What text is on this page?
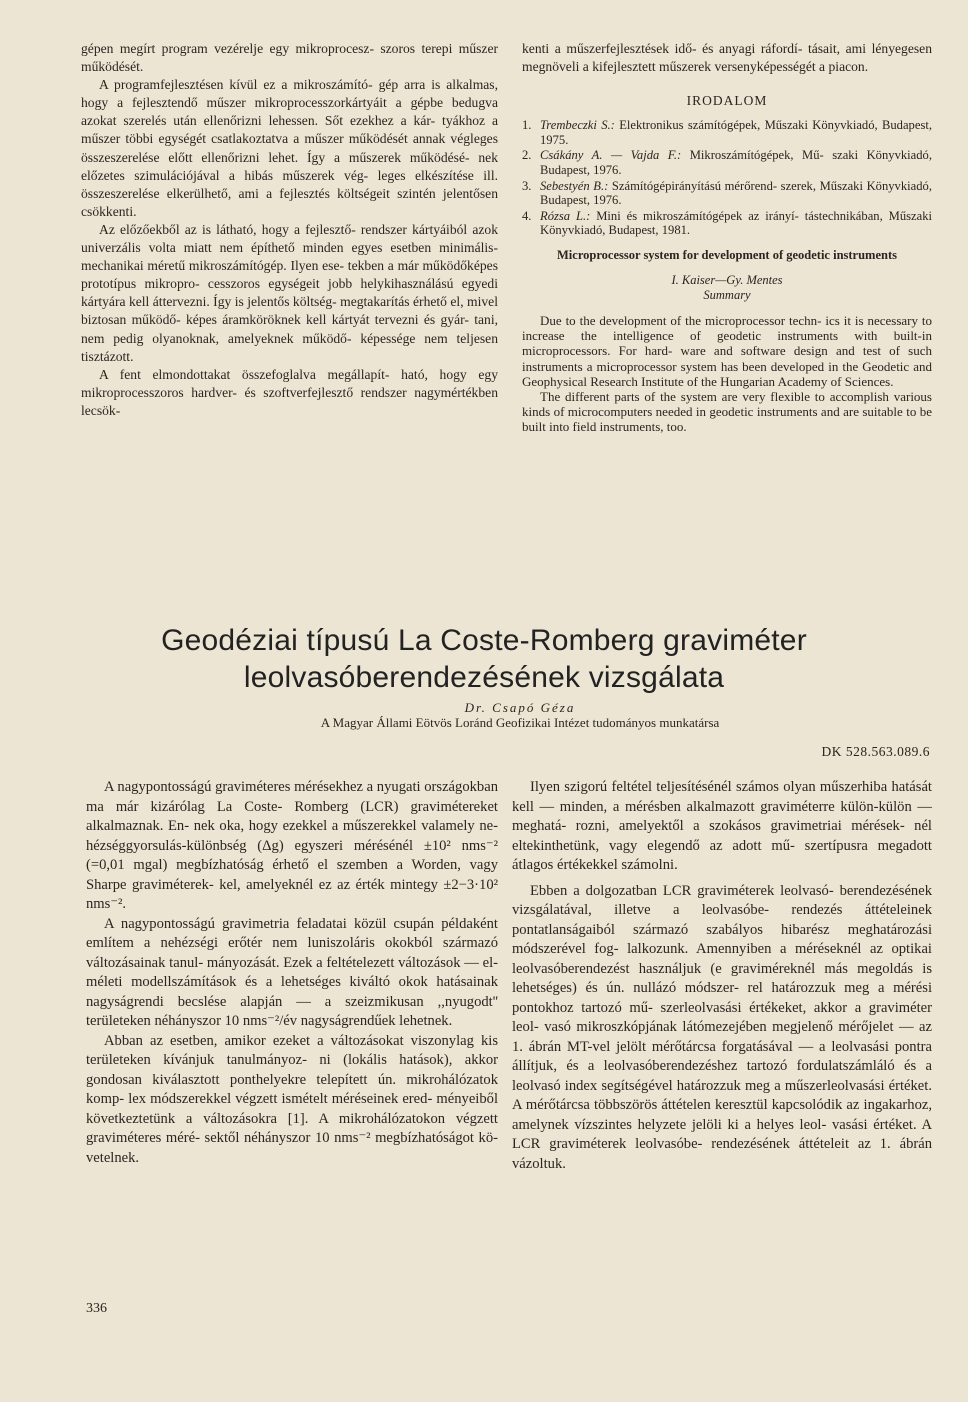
gépen megírt program vezérelje egy mikroprocesz- szoros terepi műszer működését.

A programfejlesztésen kívül ez a mikroszámító- gép arra is alkalmas, hogy a fejlesztendő műszer mikroprocesszorkártyáit a gépbe bedugva azokat szerelés után ellenőrizni lehessen. Sőt ezekhez a kár- tyákhoz a műszer többi egységét csatlakoztatva a műszer működését annak végleges összeszerelése előtt ellenőrizni lehet. Így a műszerek működésé- nek előzetes szimulációjával a hibás műszerek vég- leges elkészítése ill. összeszerelése elkerülhető, ami a fejlesztés költségeit szintén jelentősen csökkenti.

Az előzőekből az is látható, hogy a fejlesztő- rendszer kártyáiból azok univerzális volta miatt nem építhető minden egyes esetben minimális- mechanikai méretű mikroszámítógép. Ilyen ese- tekben a már működőképes prototípus mikropro- cesszoros egységeit jobb helykihasználású egyedi kártyára kell áttervezni. Így is jelentős költség- megtakarítás érhető el, mivel biztosan működő- képes áramköröknek kell kártyát tervezni és gyár- tani, nem pedig olyanoknak, amelyeknek működő- képessége nem teljesen tisztázott.

A fent elmondottakat összefoglalva megállapít- ható, hogy egy mikroprocesszoros hardver- és szoftverfejlesztő rendszer nagymértékben lecsök-

kenti a műszerfejlesztések idő- és anyagi ráfordí- tásait, ami lényegesen megnöveli a kifejlesztett műszerek versenyképességét a piacon.

IRODALOM
1. Trembeczki S.: Elektronikus számítógépek, Műszaki Könyvkiadó, Budapest, 1975.
2. Csákány A. — Vajda F.: Mikroszámítógépek, Mű- szaki Könyvkiadó, Budapest, 1976.
3. Sebestyén B.: Számítógépirányítású mérőrend- szerek, Műszaki Könyvkiadó, Budapest, 1976.
4. Rózsa L.: Mini és mikroszámítógépek az irányí- tástechnikában, Műszaki Könyvkiadó, Budapest, 1981.
Microprocessor system for development of geodetic instruments
I. Kaiser—Gy. Mentes
Summary

Due to the development of the microprocessor techn- ics it is necessary to increase the intelligence of geodetic instruments with built-in microprocessors. For hard- ware and software design and test of such instruments a microprocessor system has been developed in the Geodetic and Geophysical Research Institute of the Hungarian Academy of Sciences.

The different parts of the system are very flexible to accomplish various kinds of microcomputers needed in geodetic instruments and are suitable to be built into field instruments, too.

Geodéziai típusú La Coste-Romberg graviméter
leolvasóberendezésének vizsgálata
Dr. Csapó Géza
A Magyar Állami Eötvös Loránd Geofizikai Intézet tudományos munkatársa
DK 528.563.089.6

A nagypontosságú graviméteres mérésekhez a nyugati országokban ma már kizárólag La Coste- Romberg (LCR) gravimétereket alkalmaznak. En- nek oka, hogy ezekkel a műszerekkel valamely ne- hézséggyorsulás-különbség (Δg) egyszeri mérésénél ±10² nms⁻² (=0,01 mgal) megbízhatóság érhető el szemben a Worden, vagy Sharpe graviméterek- kel, amelyeknél ez az érték mintegy ±2−3·10² nms⁻².

A nagypontosságú gravimetria feladatai közül csupán példaként említem a nehézségi erőtér nem luniszoláris okokból származó változásainak tanul- mányozását. Ezek a feltételezett változások — el- méleti modellszámítások és a lehetséges kiváltó okok hatásainak nagyságrendi becslése alapján — a szeizmikusan ,,nyugodt'' területeken néhányszor 10 nms⁻²/év nagyságrendűek lehetnek.

Abban az esetben, amikor ezeket a változásokat viszonylag kis területeken kívánjuk tanulmányoz- ni (lokális hatások), akkor gondosan kiválasztott ponthelyekre telepített ún. mikrohálózatok komp- lex módszerekkel végzett ismételt méréseinek ered- ményeiből következtetünk a változásokra [1]. A mikrohálózatokon végzett graviméteres méré- sektől néhányszor 10 nms⁻² megbízhatóságot kö- vetelnek.

Ilyen szigorú feltétel teljesítésénél számos olyan műszerhiba hatását kell — minden, a mérésben alkalmazott graviméterre külön-külön — meghatá- rozni, amelyektől a szokásos gravimetriai mérések- nél eltekinthetünk, vagy elegendő az adott mű- szertípusra megadott átlagos értékekkel számolni.

Ebben a dolgozatban LCR graviméterek leolvasó- berendezésének vizsgálatával, illetve a leolvasóbe- rendezés áttételeinek pontatlanságaiból származó szabályos hibarész meghatározási módszerével fog- lalkozunk. Amennyiben a méréseknél az optikai leolvasóberendezést használjuk (e graviméreknél más megoldás is lehetséges) és ún. nullázó módszer- rel határozzuk meg a mérési pontokhoz tartozó mű- szerleolvasási értékeket, akkor a graviméter leol- vasó mikroszkópjának látómezejében megjelenő mérőjelet — az 1. ábrán MT-vel jelölt mérőtárcsa forgatásával — a leolvasási pontra állítjuk, és a leolvasóberendezéshez tartozó fordulatszámláló és a leolvasó index segítségével határozzuk meg a műszerleolvasási értéket. A mérőtárcsa többszörös áttételen keresztül kapcsolódik az ingakarhoz, amelynek vízszintes helyzete jelöli ki a helyes leol- vasási értéket. A LCR graviméterek leolvasóbe- rendezésének áttételeit az 1. ábrán vázoltuk.

336
